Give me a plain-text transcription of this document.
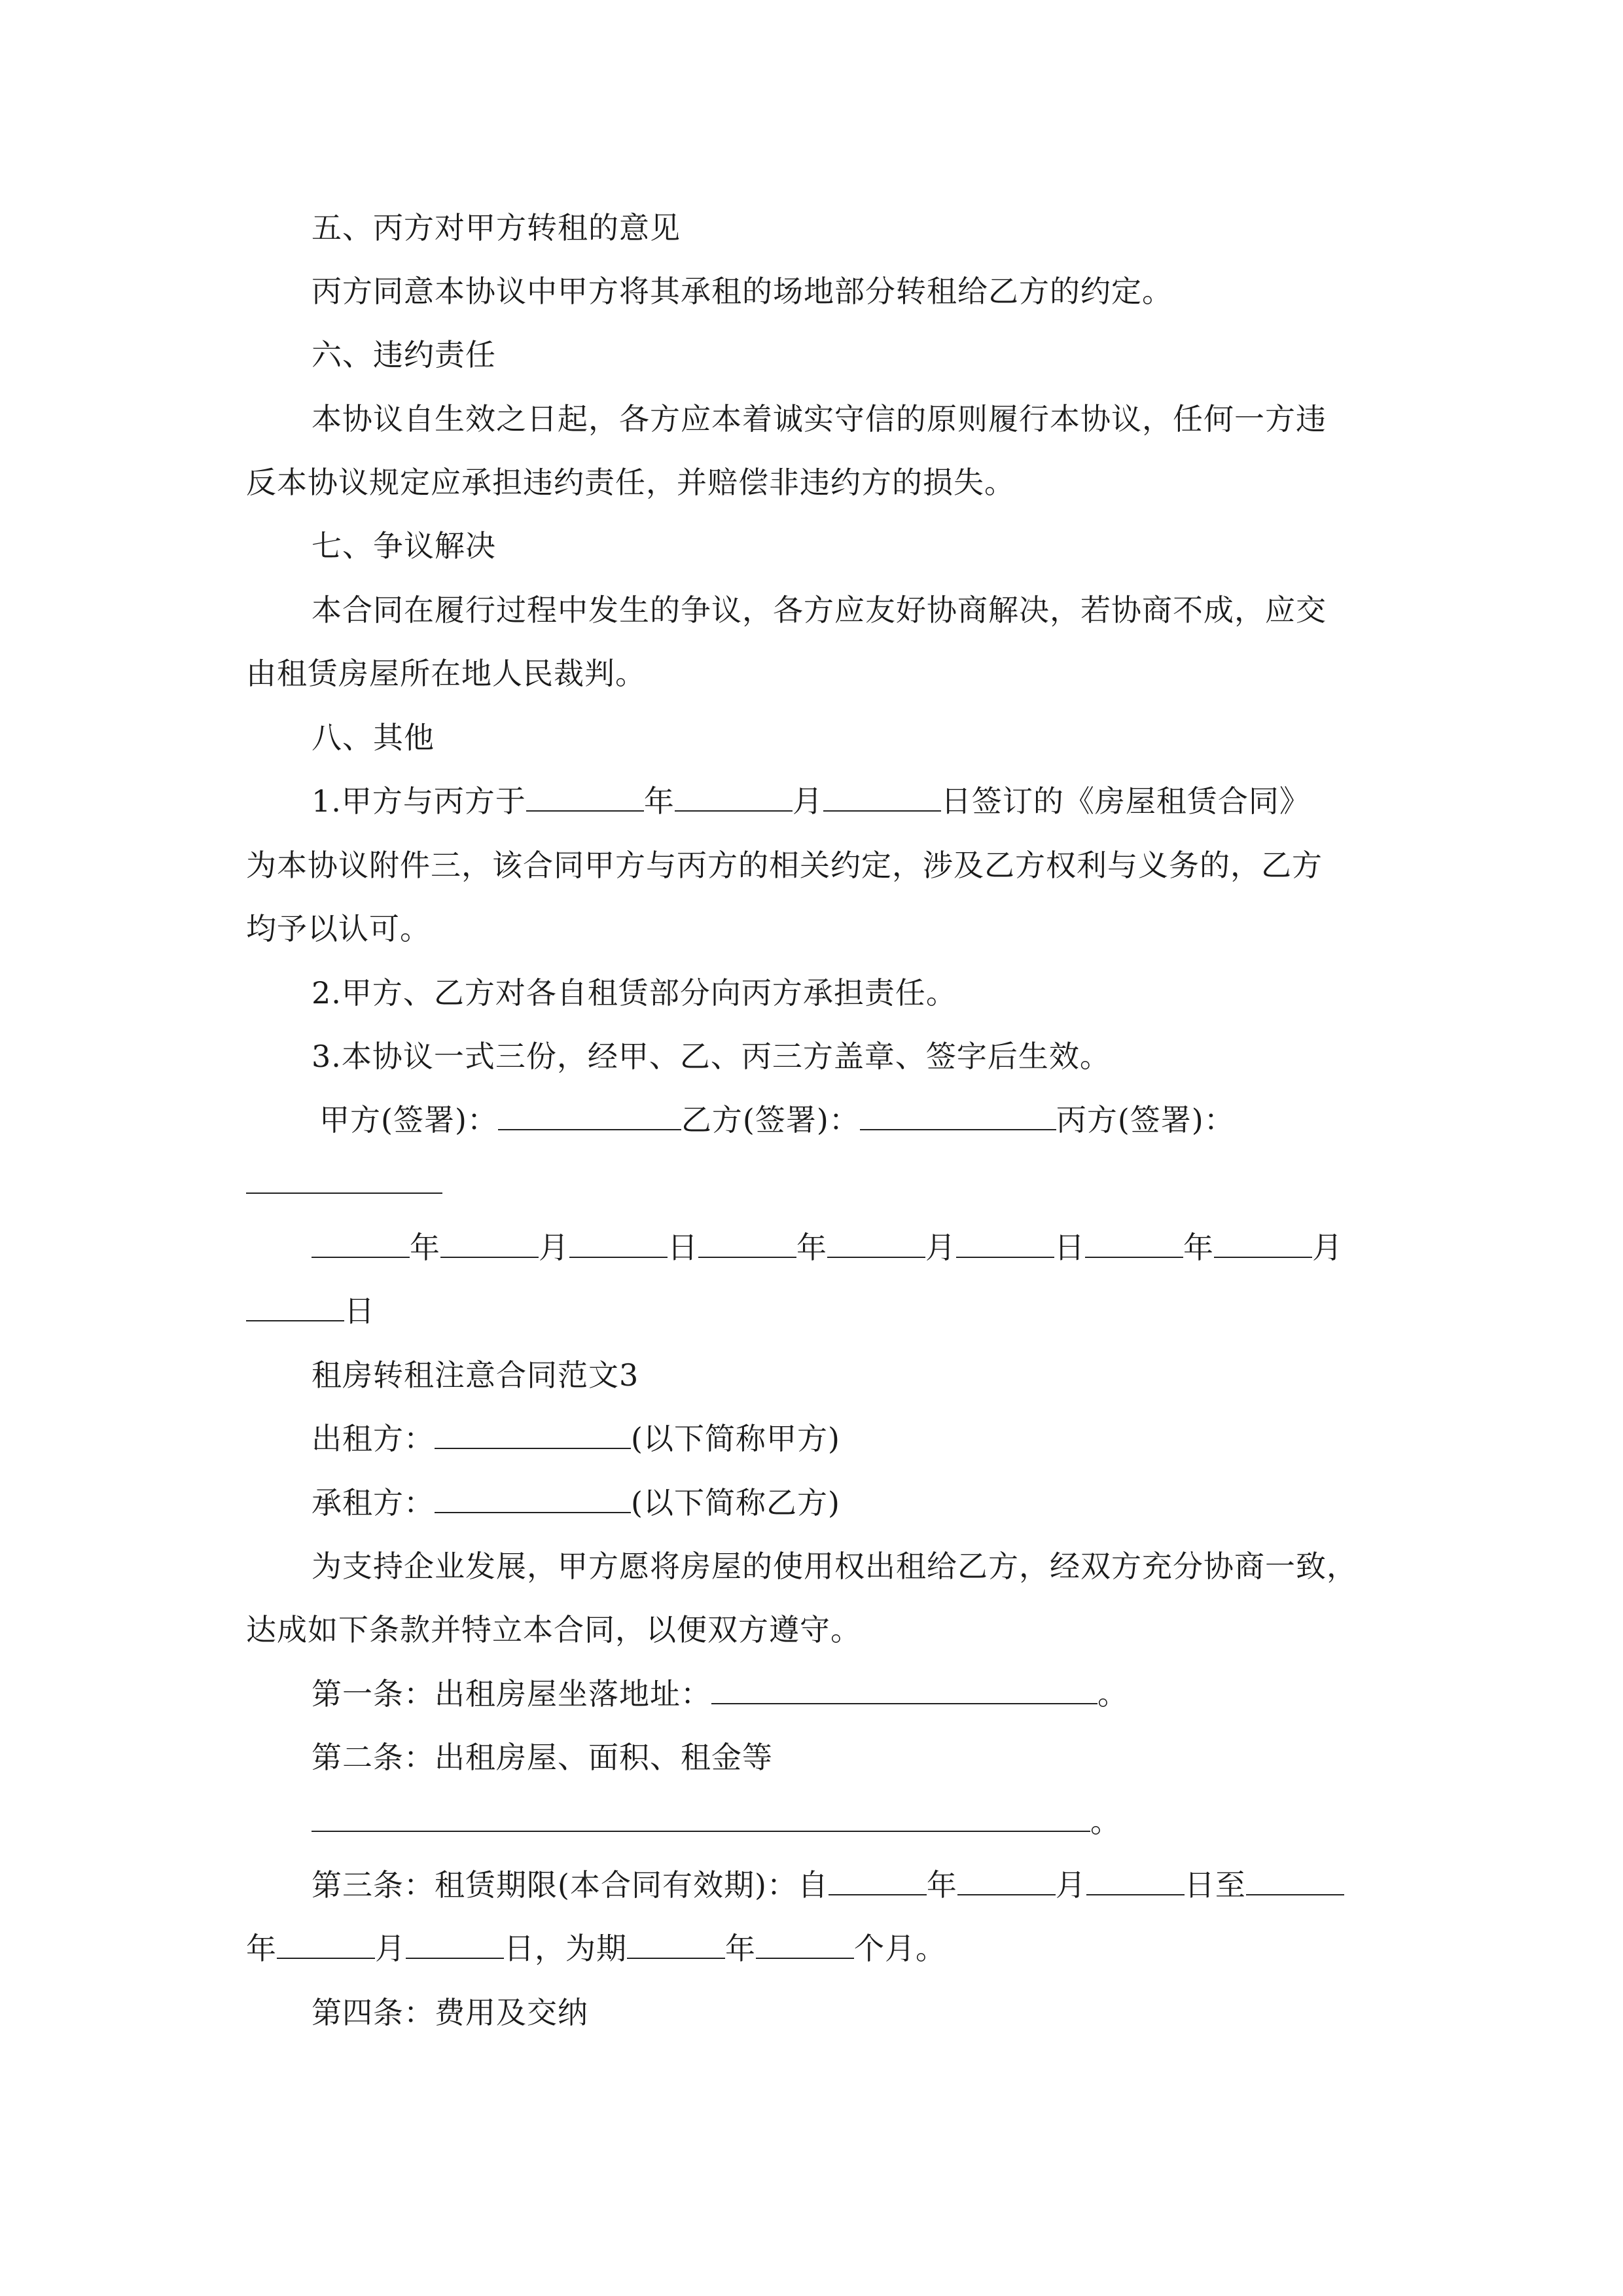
五、丙方对甲方转租的意见
丙方同意本协议中甲方将其承租的场地部分转租给乙方的约定。
六、违约责任
本协议自生效之日起，各方应本着诚实守信的原则履行本协议，任何一方违
反本协议规定应承担违约责任，并赔偿非违约方的损失。
七、争议解决
本合同在履行过程中发生的争议，各方应友好协商解决，若协商不成，应交
由租赁房屋所在地人民裁判。
八、其他
1.甲方与丙方于	年	月	日签订的《房屋租赁合同》
为本协议附件三，该合同甲方与丙方的相关约定，涉及乙方权利与义务的，乙方
均予以认可。
2.甲方、乙方对各自租赁部分向丙方承担责任。
3.本协议一式三份，经甲、乙、丙三方盖章、签字后生效。
甲方(签署)：	乙方(签署)：	丙方(签署)：
年	月	日	年	月	日	年	月
日
租房转租注意合同范文3
出租方：	(以下简称甲方)
承租方：	(以下简称乙方)
为支持企业发展，甲方愿将房屋的使用权出租给乙方，经双方充分协商一致，
达成如下条款并特立本合同，以便双方遵守。
第一条：出租房屋坐落地址：	。
第二条：出租房屋、面积、租金等
。
第三条：租赁期限(本合同有效期)：自	年	月	日至
年	月	日，为期	年	个月。
第四条：费用及交纳
